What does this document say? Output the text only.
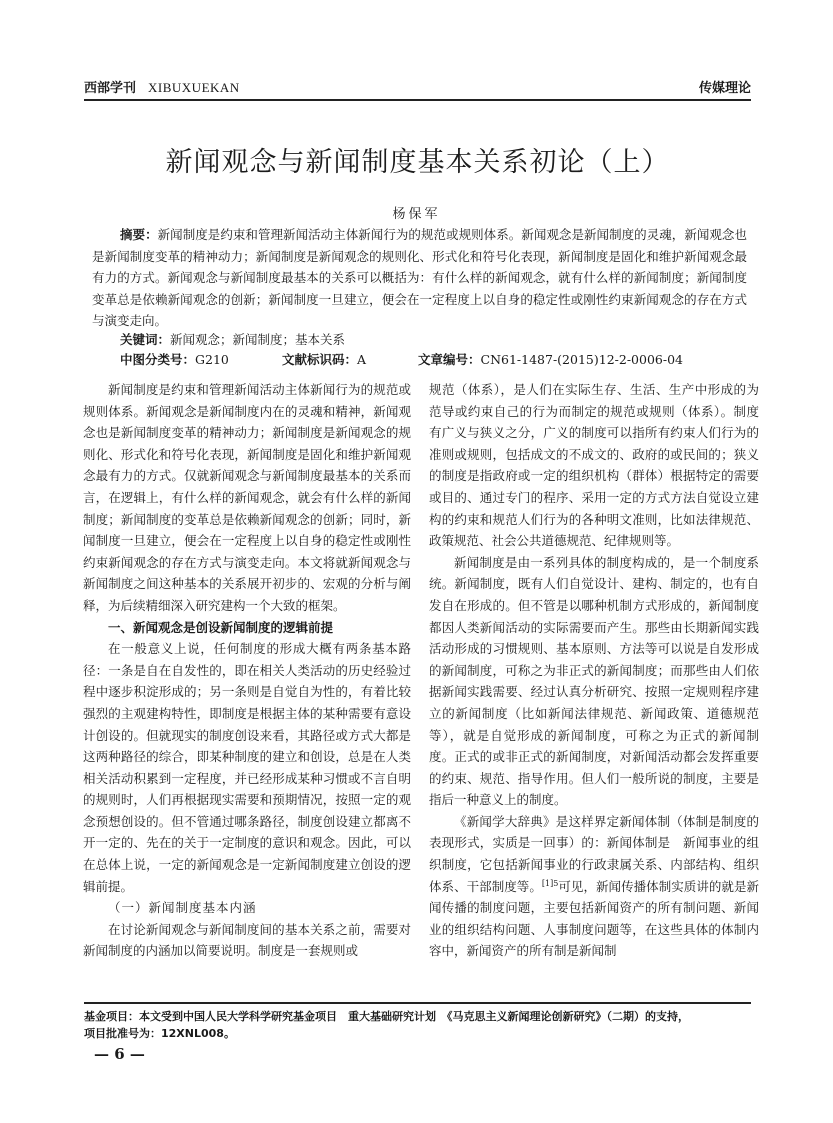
西部学刊 XIBUXUEKAN	传媒理论
新闻观念与新闻制度基本关系初论（上）
杨保军
摘要：新闻制度是约束和管理新闻活动主体新闻行为的规范或规则体系。新闻观念是新闻制度的灵魂，新闻观念也是新闻制度变革的精神动力；新闻制度是新闻观念的规则化、形式化和符号化表现，新闻制度是固化和维护新闻观念最有力的方式。新闻观念与新闻制度最基本的关系可以概括为：有什么样的新闻观念，就有什么样的新闻制度；新闻制度变革总是依赖新闻观念的创新；新闻制度一旦建立，便会在一定程度上以自身的稳定性或刚性约束新闻观念的存在方式与演变走向。
关键词：新闻观念；新闻制度；基本关系
中图分类号：G210	文献标识码：A	文章编号：CN61-1487-(2015)12-2-0006-04

新闻制度是约束和管理新闻活动主体新闻行为的规范或规则体系。新闻观念是新闻制度内在的灵魂和精神，新闻观念也是新闻制度变革的精神动力；新闻制度是新闻观念的规则化、形式化和符号化表现，新闻制度是固化和维护新闻观念最有力的方式。仅就新闻观念与新闻制度最基本的关系而言，在逻辑上，有什么样的新闻观念，就会有什么样的新闻制度；新闻制度的变革总是依赖新闻观念的创新；同时，新闻制度一旦建立，便会在一定程度上以自身的稳定性或刚性约束新闻观念的存在方式与演变走向。本文将就新闻观念与新闻制度之间这种基本的关系展开初步的、宏观的分析与阐释，为后续精细深入研究建构一个大致的框架。

一、新闻观念是创设新闻制度的逻辑前提

在一般意义上说，任何制度的形成大概有两条基本路径：一条是自在自发性的，即在相关人类活动的历史经验过程中逐步积淀形成的；另一条则是自觉自为性的，有着比较强烈的主观建构特性，即制度是根据主体的某种需要有意设计创设的。但就现实的制度创设来看，其路径或方式大都是这两种路径的综合，即某种制度的建立和创设，总是在人类相关活动积累到一定程度，并已经形成某种习惯或不言自明的规则时，人们再根据现实需要和预期情况，按照一定的观念预想创设的。但不管通过哪条路径，制度创设建立都离不开一定的、先在的关于一定制度的意识和观念。因此，可以在总体上说，一定的新闻观念是一定新闻制度建立创设的逻辑前提。

（一）新闻制度基本内涵

在讨论新闻观念与新闻制度间的基本关系之前，需要对新闻制度的内涵加以简要说明。制度是一套规则或

规范（体系），是人们在实际生存、生活、生产中形成的为范导或约束自己的行为而制定的规范或规则（体系）。制度有广义与狭义之分，广义的制度可以指所有约束人们行为的准则或规则，包括成文的不成文的、政府的或民间的；狭义的制度是指政府或一定的组织机构（群体）根据特定的需要或目的、通过专门的程序、采用一定的方式方法自觉设立建构的约束和规范人们行为的各种明文准则，比如法律规范、政策规范、社会公共道德规范、纪律规则等。

新闻制度是由一系列具体的制度构成的，是一个制度系统。新闻制度，既有人们自觉设计、建构、制定的，也有自发自在形成的。但不管是以哪种机制方式形成的，新闻制度都因人类新闻活动的实际需要而产生。那些由长期新闻实践活动形成的习惯规则、基本原则、方法等可以说是自发形成的新闻制度，可称之为非正式的新闻制度；而那些由人们依据新闻实践需要、经过认真分析研究、按照一定规则程序建立的新闻制度（比如新闻法律规范、新闻政策、道德规范等），就是自觉形成的新闻制度，可称之为正式的新闻制度。正式的或非正式的新闻制度，对新闻活动都会发挥重要的约束、规范、指导作用。但人们一般所说的制度，主要是指后一种意义上的制度。

《新闻学大辞典》是这样界定新闻体制（体制是制度的表现形式，实质是一回事）的：新闻体制是　新闻事业的组织制度，它包括新闻事业的行政隶属关系、内部结构、组织体系、干部制度等。$^{[1]5}$可见，新闻传播体制实质讲的就是新闻传播的制度问题，主要包括新闻资产的所有制问题、新闻业的组织结构问题、人事制度问题等，在这些具体的体制内容中，新闻资产的所有制是新闻制

基金项目：本文受到中国人民大学科学研究基金项目　重大基础研究计划　《马克思主义新闻理论创新研究》（二期）的支持，
项目批准号为：12XNL008。
— 6 —
